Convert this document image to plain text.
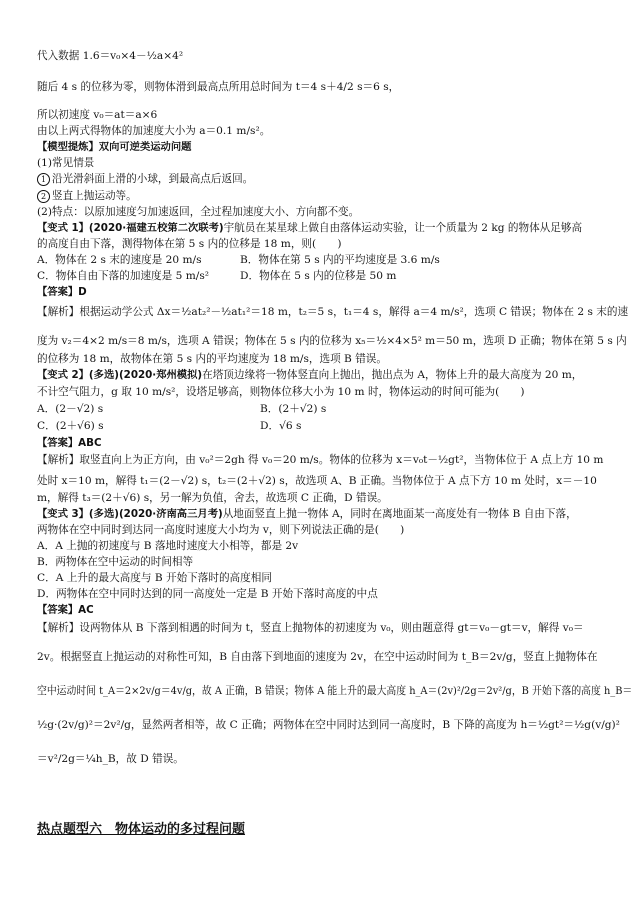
代入数据 1.6＝v₀×4－½a×4²
随后 4 s 的位移为零，则物体滑到最高点所用总时间为 t＝4 s＋4/2 s＝6 s，
所以初速度 v₀＝at＝a×6
由以上两式得物体的加速度大小为 a＝0.1 m/s²。
【模型提炼】双向可逆类运动问题
(1)常见情景
1 沿光滑斜面上滑的小球，到最高点后返回。
2 竖直上抛运动等。
(2)特点：以原加速度匀加速返回，全过程加速度大小、方向都不变。
【变式 1】(2020·福建五校第二次联考)宇航员在某星球上做自由落体运动实验，让一个质量为 2 kg 的物体从足够高
的高度自由下落，测得物体在第 5 s 内的位移是 18 m，则(　　)
A．物体在 2 s 末的速度是 20 m/s	B．物体在第 5 s 内的平均速度是 3.6 m/s
C．物体自由下落的加速度是 5 m/s²	D．物体在 5 s 内的位移是 50 m
【答案】D
【解析】根据运动学公式 Δx＝½at₂²－½at₁²＝18 m，t₂＝5 s，t₁＝4 s，解得 a＝4 m/s²，选项 C 错误；物体在 2 s 末的速
度为 v₂＝4×2 m/s＝8 m/s，选项 A 错误；物体在 5 s 内的位移为 x₅＝½×4×5² m＝50 m，选项 D 正确；物体在第 5 s 内
的位移为 18 m，故物体在第 5 s 内的平均速度为 18 m/s，选项 B 错误。
【变式 2】(多选)(2020·郑州模拟)在塔顶边缘将一物体竖直向上抛出，抛出点为 A，物体上升的最大高度为 20 m，
不计空气阻力，g 取 10 m/s²，设塔足够高，则物体位移大小为 10 m 时，物体运动的时间可能为(　　)
A．(2－√2) s	B．(2＋√2) s
C．(2＋√6) s	D．√6 s
【答案】ABC
【解析】取竖直向上为正方向，由 v₀²＝2gh 得 v₀＝20 m/s。物体的位移为 x＝v₀t－½gt²，当物体位于 A 点上方 10 m
处时 x＝10 m，解得 t₁＝(2－√2) s，t₂＝(2＋√2) s，故选项 A、B 正确。当物体位于 A 点下方 10 m 处时，x＝－10
m，解得 t₃＝(2＋√6) s，另一解为负值，舍去，故选项 C 正确，D 错误。
【变式 3】(多选)(2020·济南高三月考)从地面竖直上抛一物体 A，同时在离地面某一高度处有一物体 B 自由下落，
两物体在空中同时到达同一高度时速度大小均为 v，则下列说法正确的是(　　)
A．A 上抛的初速度与 B 落地时速度大小相等，都是 2v
B．两物体在空中运动的时间相等
C．A 上升的最大高度与 B 开始下落时的高度相同
D．两物体在空中同时达到的同一高度处一定是 B 开始下落时高度的中点
【答案】AC
【解析】设两物体从 B 下落到相遇的时间为 t，竖直上抛物体的初速度为 v₀，则由题意得 gt＝v₀－gt＝v，解得 v₀＝
2v。根据竖直上抛运动的对称性可知，B 自由落下到地面的速度为 2v，在空中运动时间为 t_B＝2v/g，竖直上抛物体在
空中运动时间 t_A＝2×2v/g＝4v/g，故 A 正确，B 错误；物体 A 能上升的最大高度 h_A＝(2v)²/2g＝2v²/g，B 开始下落的高度 h_B＝
½g·(2v/g)²＝2v²/g，显然两者相等，故 C 正确；两物体在空中同时达到同一高度时，B 下降的高度为 h＝½gt²＝½g(v/g)²
＝v²/2g＝¼h_B，故 D 错误。
热点题型六　物体运动的多过程问题
